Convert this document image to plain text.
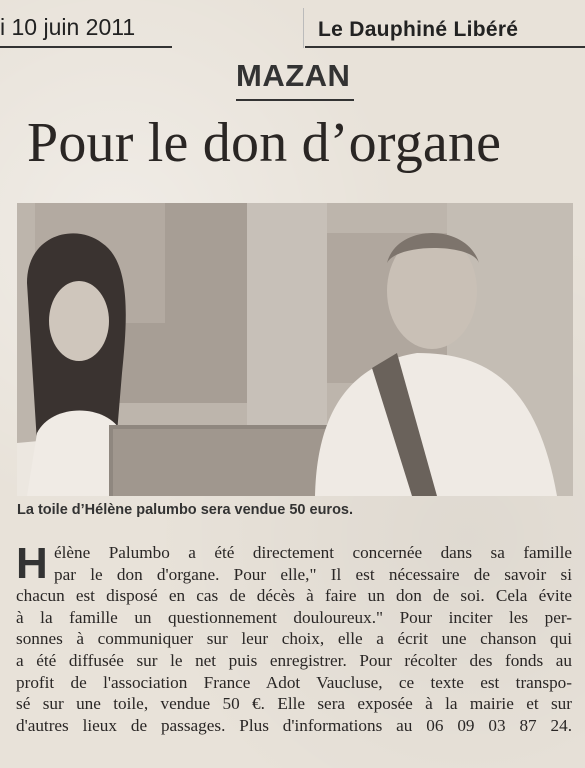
i 10 juin 2011	Le Dauphiné Libéré
MAZAN
Pour le don d’organe
La toile d’Hélène palumbo sera vendue 50 euros.
H élène Palumbo a été directement concernée dans sa famille
par le don d'organe. Pour elle," Il est nécessaire de savoir si
chacun est disposé en cas de décès à faire un don de soi. Cela évite
à la famille un questionnement douloureux." Pour inciter les per-
sonnes à communiquer sur leur choix, elle a écrit une chanson qui
a été diffusée sur le net puis enregistrer. Pour récolter des fonds au
profit de l'association France Adot Vaucluse, ce texte est transpo-
sé sur une toile, vendue 50 €. Elle sera exposée à la mairie et sur
d'autres lieux de passages. Plus d'informations au 06 09 03 87 24.
